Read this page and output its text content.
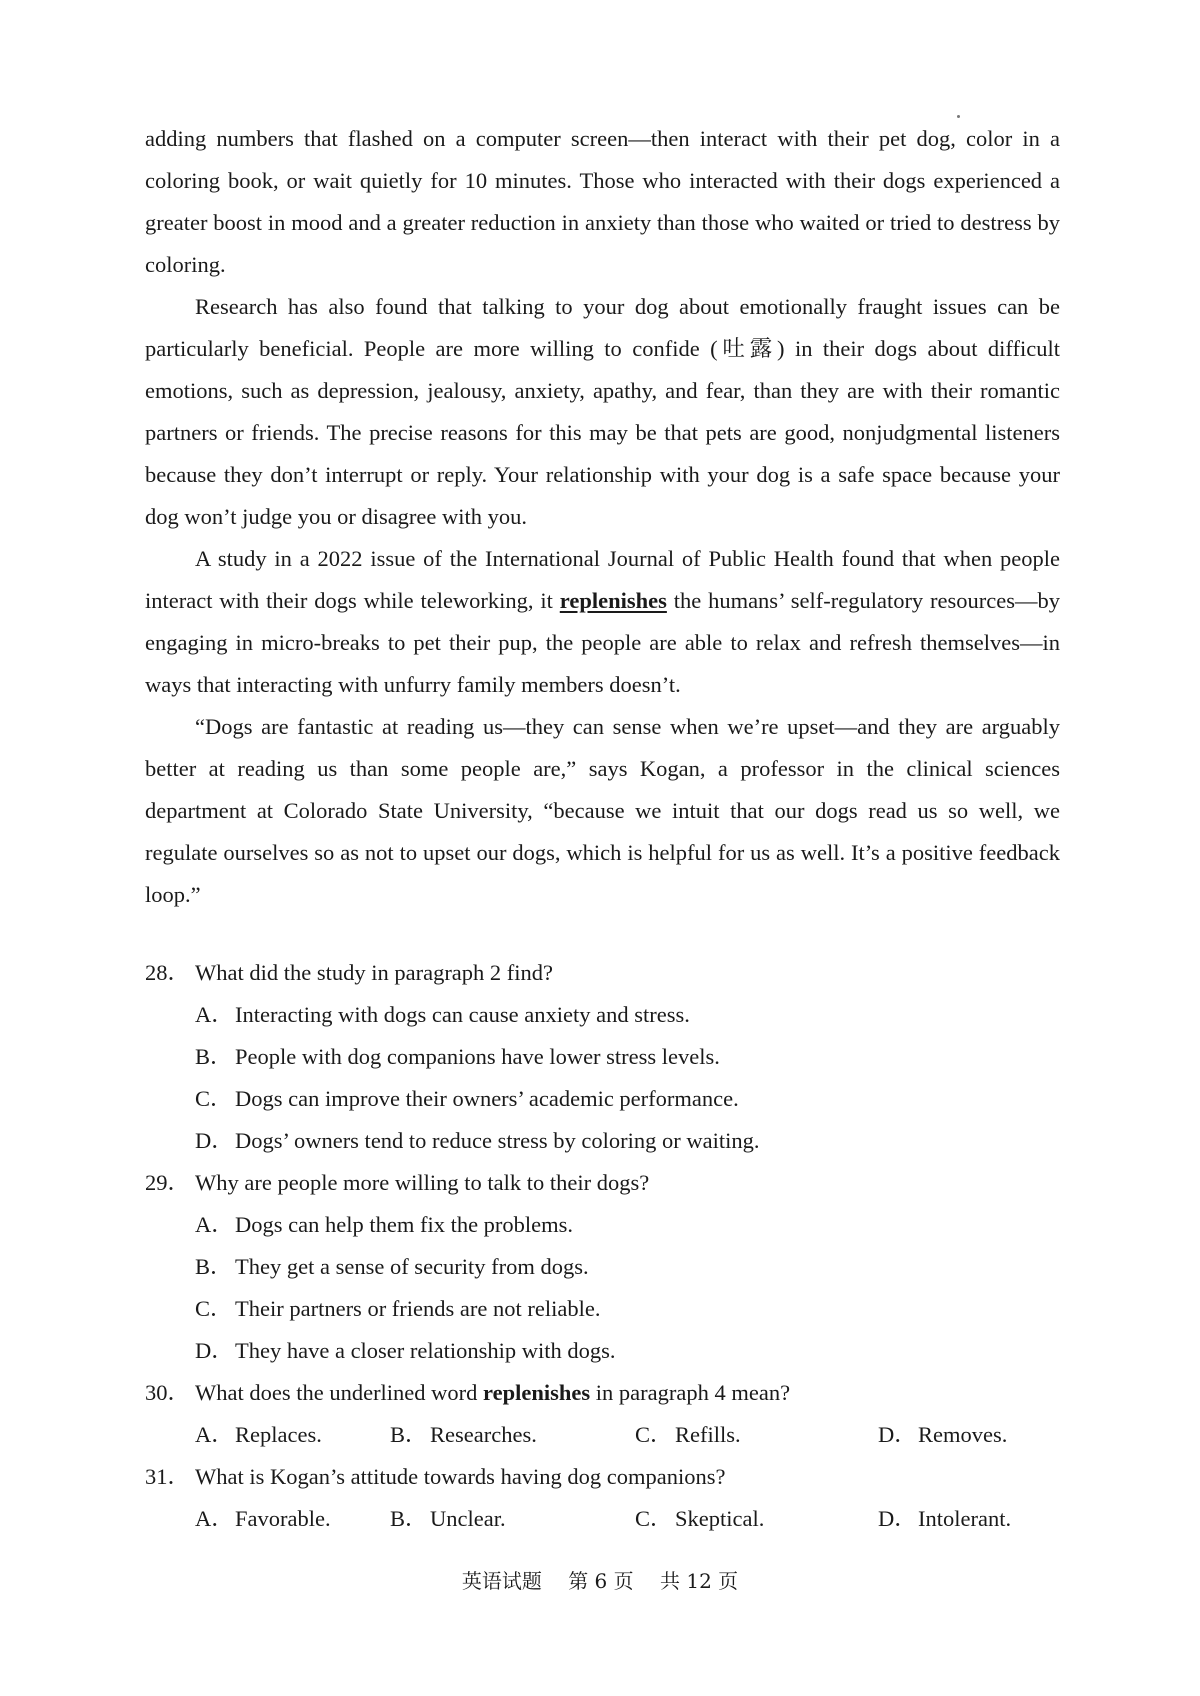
adding numbers that flashed on a computer screen—then interact with their pet dog, color in a coloring book, or wait quietly for 10 minutes. Those who interacted with their dogs experienced a greater boost in mood and a greater reduction in anxiety than those who waited or tried to destress by coloring.

Research has also found that talking to your dog about emotionally fraught issues can be particularly beneficial. People are more willing to confide (吐露) in their dogs about difficult emotions, such as depression, jealousy, anxiety, apathy, and fear, than they are with their romantic partners or friends. The precise reasons for this may be that pets are good, nonjudgmental listeners because they don’t interrupt or reply. Your relationship with your dog is a safe space because your dog won’t judge you or disagree with you.

A study in a 2022 issue of the International Journal of Public Health found that when people interact with their dogs while teleworking, it replenishes the humans’ self-regulatory resources—by engaging in micro-breaks to pet their pup, the people are able to relax and refresh themselves—in ways that interacting with unfurry family members doesn’t.

“Dogs are fantastic at reading us—they can sense when we’re upset—and they are arguably better at reading us than some people are,” says Kogan, a professor in the clinical sciences department at Colorado State University, “because we intuit that our dogs read us so well, we regulate ourselves so as not to upset our dogs, which is helpful for us as well. It’s a positive feedback loop.”

28． What did the study in paragraph 2 find?

A．Interacting with dogs can cause anxiety and stress.

B． People with dog companions have lower stress levels.

C． Dogs can improve their owners’ academic performance.

D．Dogs’ owners tend to reduce stress by coloring or waiting.

29． Why are people more willing to talk to their dogs?

A．Dogs can help them fix the problems.

B． They get a sense of security from dogs.

C． Their partners or friends are not reliable.

D．They have a closer relationship with dogs.

30． What does the underlined word replenishes in paragraph 4 mean?

A．Replaces.	B． Researches.	C． Refills.	D．Removes.

31． What is Kogan’s attitude towards having dog companions?

A．Favorable.	B． Unclear.	C． Skeptical.	D．Intolerant.
英语试题 第 6 页 共 12 页
